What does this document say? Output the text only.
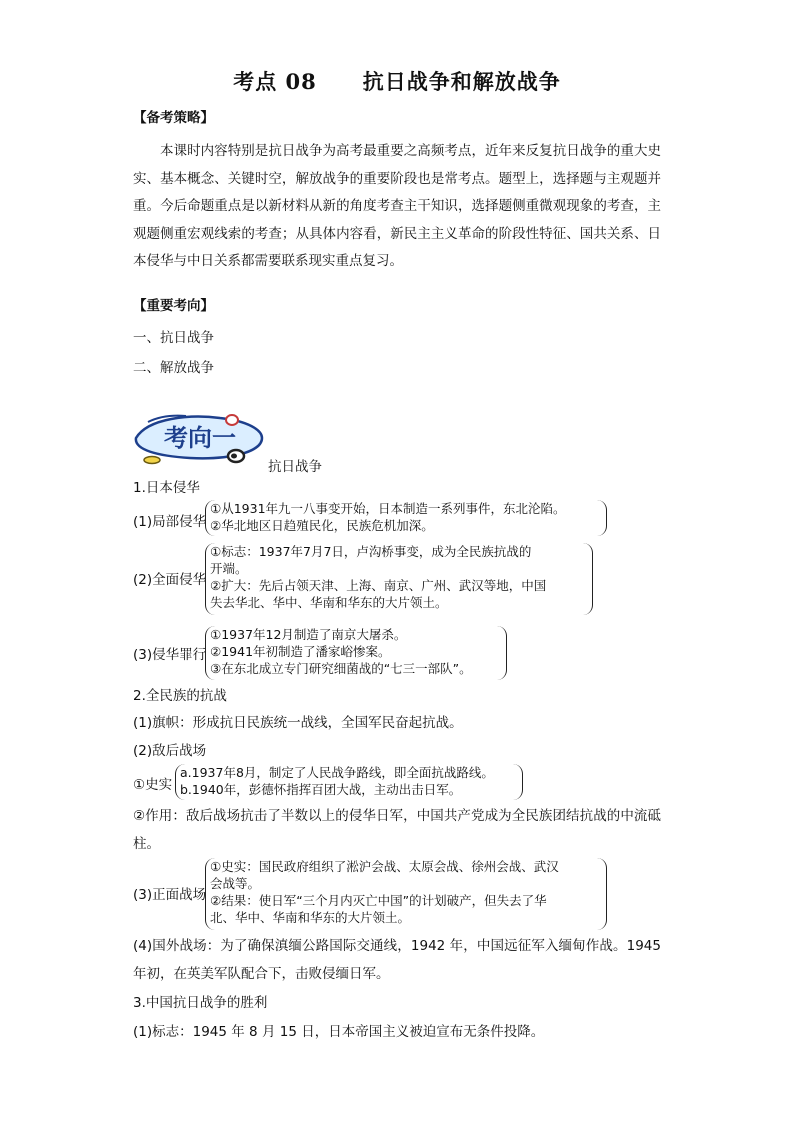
考点 08 抗日战争和解放战争
【备考策略】
本课时内容特别是抗日战争为高考最重要之高频考点，近年来反复抗日战争的重大史实、基本概念、关键时空，解放战争的重要阶段也是常考点。题型上，选择题与主观题并重。今后命题重点是以新材料从新的角度考查主干知识，选择题侧重微观现象的考查，主观题侧重宏观线索的考查；从具体内容看，新民主主义革命的阶段性特征、国共关系、日本侵华与中日关系都需要联系现实重点复习。
【重要考向】
一、抗日战争
二、解放战争
考向一
抗日战争
1.日本侵华
(1)局部侵华
①从1931年九一八事变开始，日本制造一系列事件，东北沦陷。
②华北地区日趋殖民化，民族危机加深。
(2)全面侵华
①标志：1937年7月7日，卢沟桥事变，成为全民族抗战的
开端。
②扩大：先后占领天津、上海、南京、广州、武汉等地，中国
失去华北、华中、华南和华东的大片领土。
(3)侵华罪行
①1937年12月制造了南京大屠杀。
②1941年初制造了潘家峪惨案。
③在东北成立专门研究细菌战的“七三一部队”。
2.全民族的抗战
(1)旗帜：形成抗日民族统一战线，全国军民奋起抗战。
(2)敌后战场
①史实
a.1937年8月，制定了人民战争路线，即全面抗战路线。
b.1940年，彭德怀指挥百团大战，主动出击日军。
②作用：敌后战场抗击了半数以上的侵华日军，中国共产党成为全民族团结抗战的中流砥柱。
(3)正面战场
①史实：国民政府组织了淞沪会战、太原会战、徐州会战、武汉
会战等。
②结果：使日军“三个月内灭亡中国”的计划破产，但失去了华
北、华中、华南和华东的大片领土。
(4)国外战场：为了确保滇缅公路国际交通线，1942 年，中国远征军入缅甸作战。1945 年初，在英美军队配合下，击败侵缅日军。
3.中国抗日战争的胜利
(1)标志：1945 年 8 月 15 日，日本帝国主义被迫宣布无条件投降。
